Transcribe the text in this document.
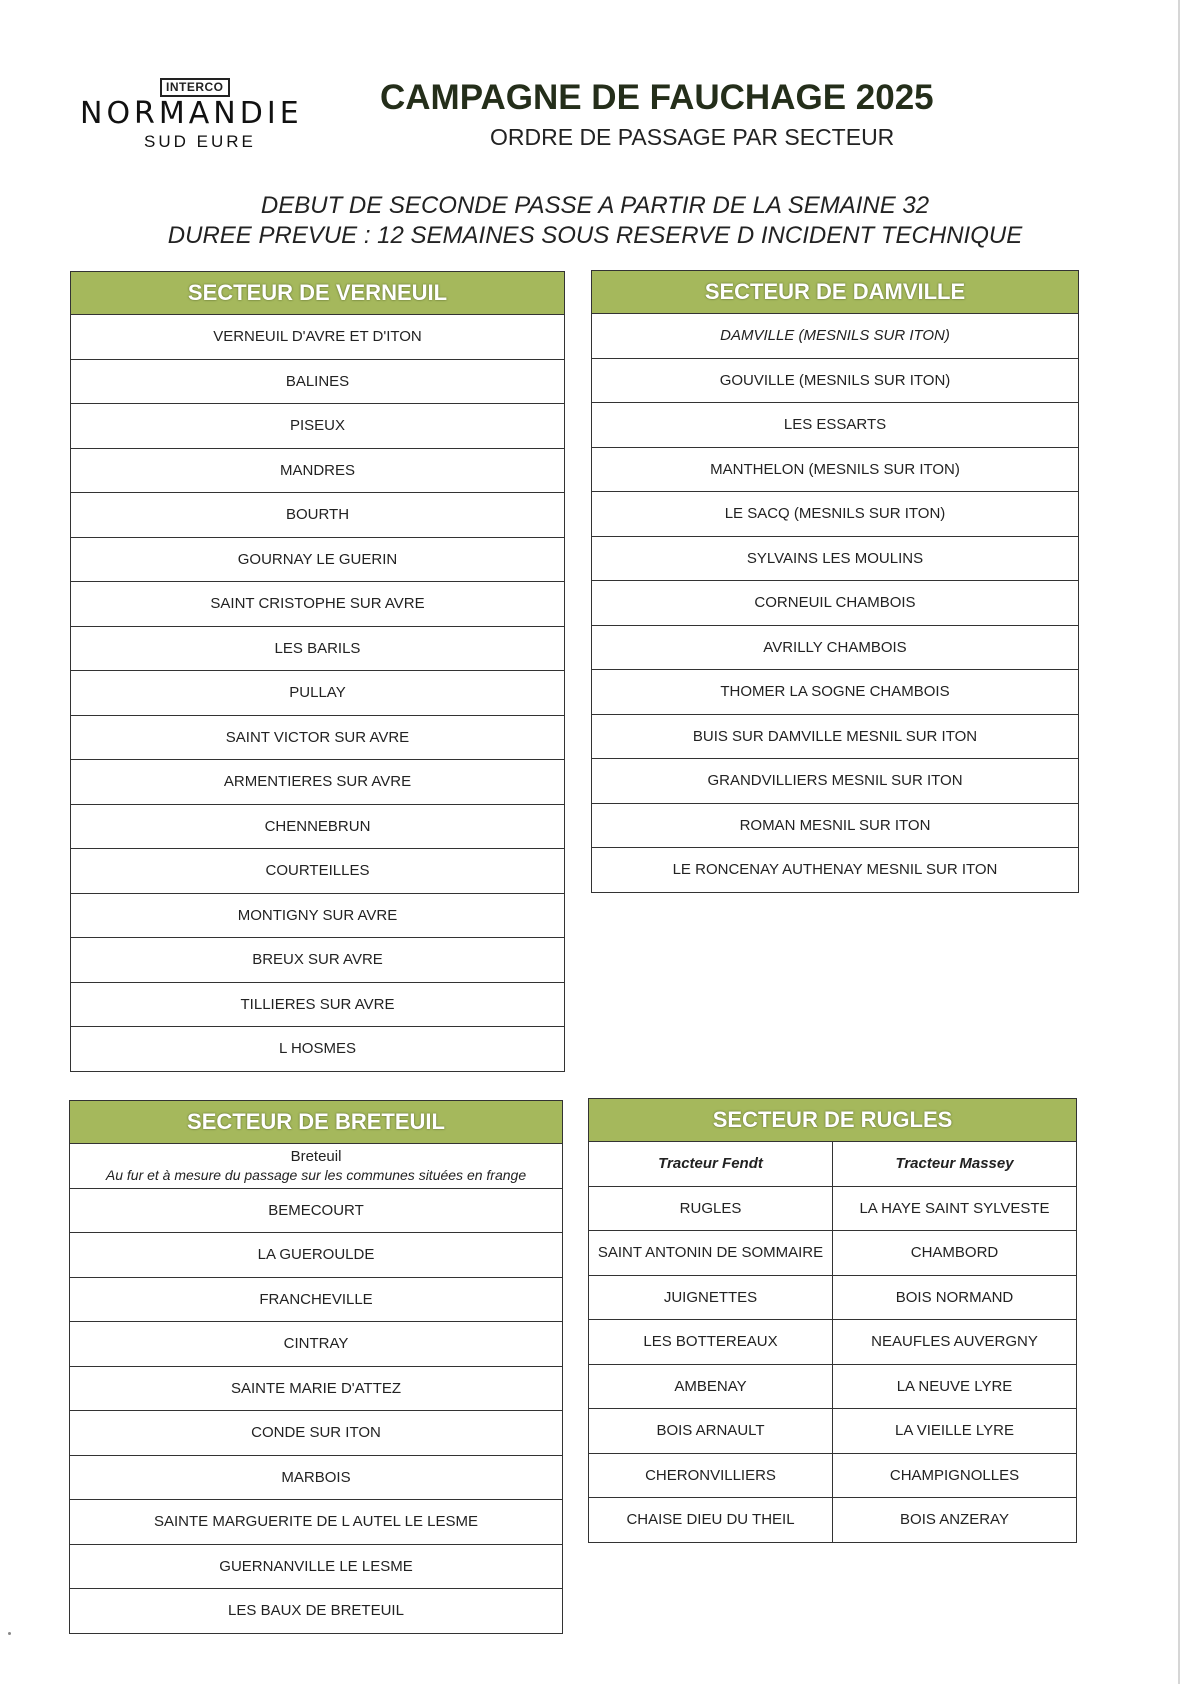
INTERCO
NORMANDIE
SUD EURE
CAMPAGNE DE FAUCHAGE 2025
ORDRE DE PASSAGE PAR SECTEUR
DEBUT DE SECONDE PASSE A PARTIR DE LA SEMAINE 32
DUREE PREVUE : 12 SEMAINES SOUS RESERVE D INCIDENT TECHNIQUE
SECTEUR DE VERNEUIL
VERNEUIL D'AVRE ET D'ITON
BALINES
PISEUX
MANDRES
BOURTH
GOURNAY LE GUERIN
SAINT CRISTOPHE SUR AVRE
LES BARILS
PULLAY
SAINT VICTOR SUR AVRE
ARMENTIERES SUR AVRE
CHENNEBRUN
COURTEILLES
MONTIGNY SUR AVRE
BREUX SUR AVRE
TILLIERES SUR AVRE
L HOSMES
SECTEUR DE DAMVILLE
DAMVILLE (MESNILS SUR ITON)
GOUVILLE (MESNILS SUR ITON)
LES ESSARTS
MANTHELON (MESNILS SUR ITON)
LE SACQ (MESNILS SUR ITON)
SYLVAINS LES MOULINS
CORNEUIL CHAMBOIS
AVRILLY CHAMBOIS
THOMER LA SOGNE CHAMBOIS
BUIS SUR DAMVILLE MESNIL SUR ITON
GRANDVILLIERS MESNIL SUR ITON
ROMAN MESNIL SUR ITON
LE RONCENAY AUTHENAY MESNIL SUR ITON
SECTEUR DE BRETEUIL
Breteuil
Au fur et à mesure du passage sur les communes situées en frange
BEMECOURT
LA GUEROULDE
FRANCHEVILLE
CINTRAY
SAINTE MARIE D'ATTEZ
CONDE SUR ITON
MARBOIS
SAINTE MARGUERITE DE L AUTEL LE LESME
GUERNANVILLE LE LESME
LES BAUX DE BRETEUIL
SECTEUR DE RUGLES
Tracteur Fendt	Tracteur Massey
RUGLES	LA HAYE SAINT SYLVESTE
SAINT ANTONIN DE SOMMAIRE	CHAMBORD
JUIGNETTES	BOIS NORMAND
LES BOTTEREAUX	NEAUFLES AUVERGNY
AMBENAY	LA NEUVE LYRE
BOIS ARNAULT	LA VIEILLE LYRE
CHERONVILLIERS	CHAMPIGNOLLES
CHAISE DIEU DU THEIL	BOIS ANZERAY
